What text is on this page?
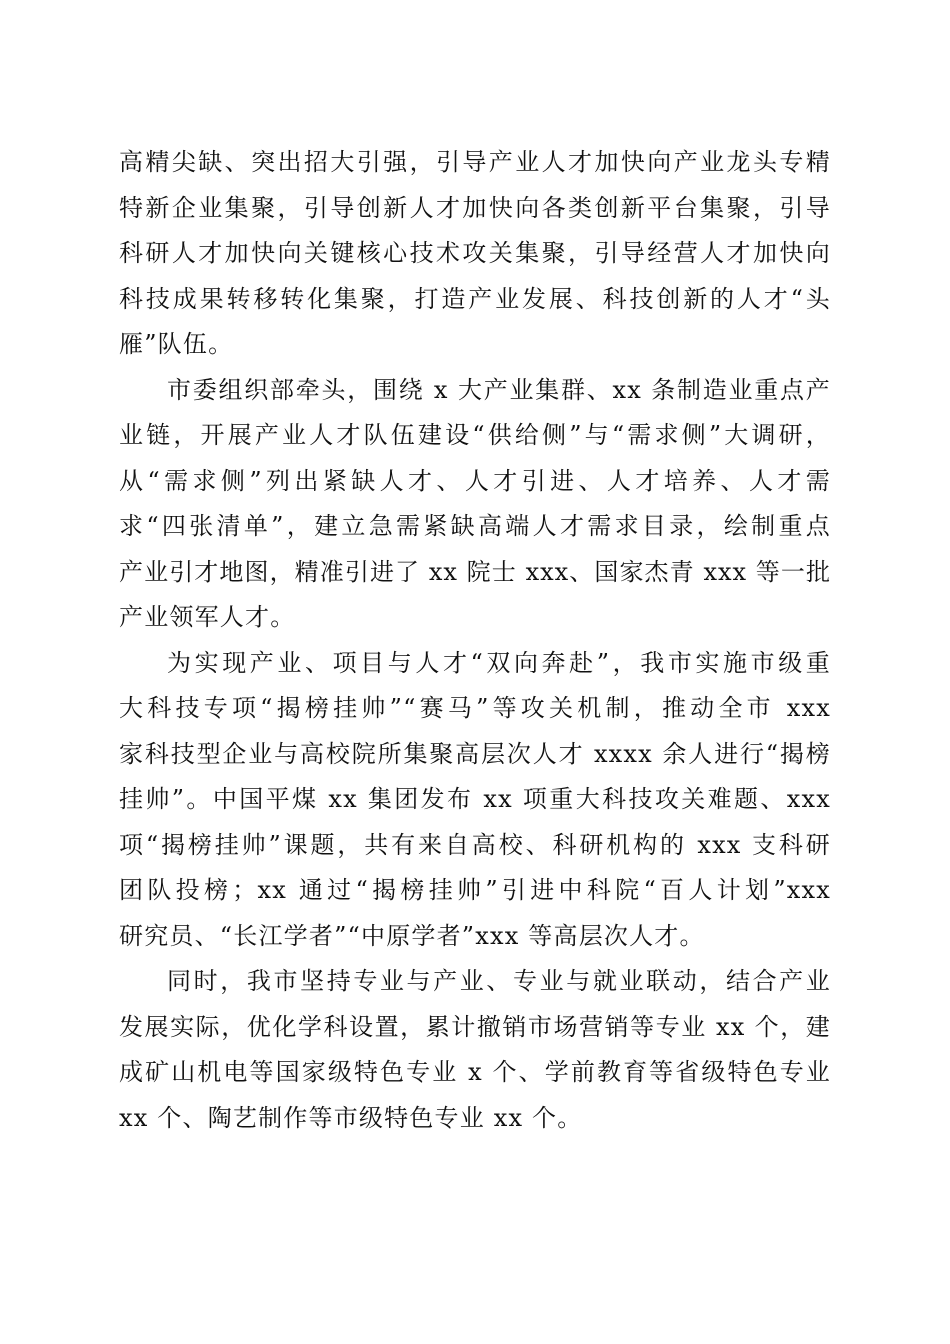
高精尖缺、突出招大引强，引导产业人才加快向产业龙头专精
特新企业集聚，引导创新人才加快向各类创新平台集聚，引导
科研人才加快向关键核心技术攻关集聚，引导经营人才加快向
科技成果转移转化集聚，打造产业发展、科技创新的人才“头
雁”队伍。

市委组织部牵头，围绕 x 大产业集群、xx 条制造业重点产
业链，开展产业人才队伍建设“供给侧”与“需求侧”大调研，
从“需求侧”列出紧缺人才、人才引进、人才培养、人才需
求“四张清单”，建立急需紧缺高端人才需求目录，绘制重点
产业引才地图，精准引进了 xx 院士 xxx、国家杰青 xxx 等一批
产业领军人才。

为实现产业、项目与人才“双向奔赴”，我市实施市级重
大科技专项“揭榜挂帅”“赛马”等攻关机制，推动全市 xxx
家科技型企业与高校院所集聚高层次人才 xxxx 余人进行“揭榜
挂帅”。中国平煤 xx 集团发布 xx 项重大科技攻关难题、xxx
项“揭榜挂帅”课题，共有来自高校、科研机构的 xxx 支科研
团队投榜；xx 通过“揭榜挂帅”引进中科院“百人计划”xxx
研究员、“长江学者”“中原学者”xxx 等高层次人才。

同时，我市坚持专业与产业、专业与就业联动，结合产业
发展实际，优化学科设置，累计撤销市场营销等专业 xx 个，建
成矿山机电等国家级特色专业 x 个、学前教育等省级特色专业
xx 个、陶艺制作等市级特色专业 xx 个。
